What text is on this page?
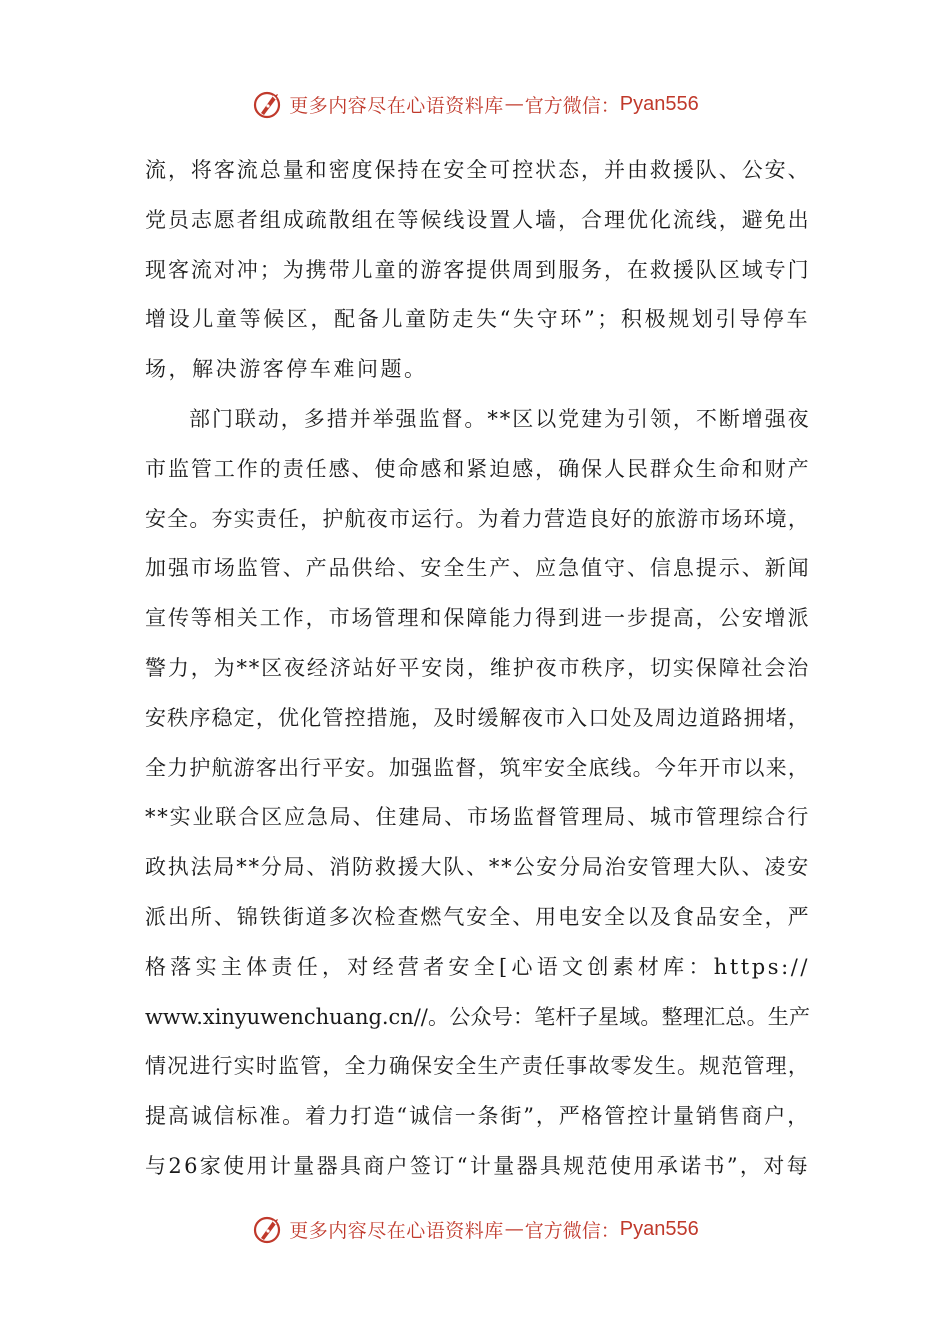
更多内容尽在心语资料库 — 官方微信： Pyan556
流，将客流总量和密度保持在安全可控状态，并由救援队、公安、
党员志愿者组成疏散组在等候线设置人墙，合理优化流线，避免出
现客流对冲；为携带儿童的游客提供周到服务，在救援队区域专门
增设儿童等候区，配备儿童防走失“失守环”；积极规划引导停车
场，解决游客停车难问题。
部门联动，多措并举强监督。**区以党建为引领，不断增强夜
市监管工作的责任感、使命感和紧迫感，确保人民群众生命和财产
安全。夯实责任，护航夜市运行。为着力营造良好的旅游市场环境，
加强市场监管、产品供给、安全生产、应急值守、信息提示、新闻
宣传等相关工作，市场管理和保障能力得到进一步提高，公安增派
警力，为**区夜经济站好平安岗，维护夜市秩序，切实保障社会治
安秩序稳定，优化管控措施，及时缓解夜市入口处及周边道路拥堵，
全力护航游客出行平安。加强监督，筑牢安全底线。今年开市以来，
**实业联合区应急局、住建局、市场监督管理局、城市管理综合行
政执法局**分局、消防救援大队、**公安分局治安管理大队、凌安
派出所、锦铁街道多次检查燃气安全、用电安全以及食品安全，严
格落实主体责任，对经营者安全[心语文创素材库：https://
www.xinyuwenchuang.cn//。公众号：笔杆子星域。整理汇总。生产
情况进行实时监管，全力确保安全生产责任事故零发生。规范管理，
提高诚信标准。着力打造“诚信一条街”，严格管控计量销售商户，
与26家使用计量器具商户签订“计量器具规范使用承诺书”，对每
更多内容尽在心语资料库 — 官方微信： Pyan556
